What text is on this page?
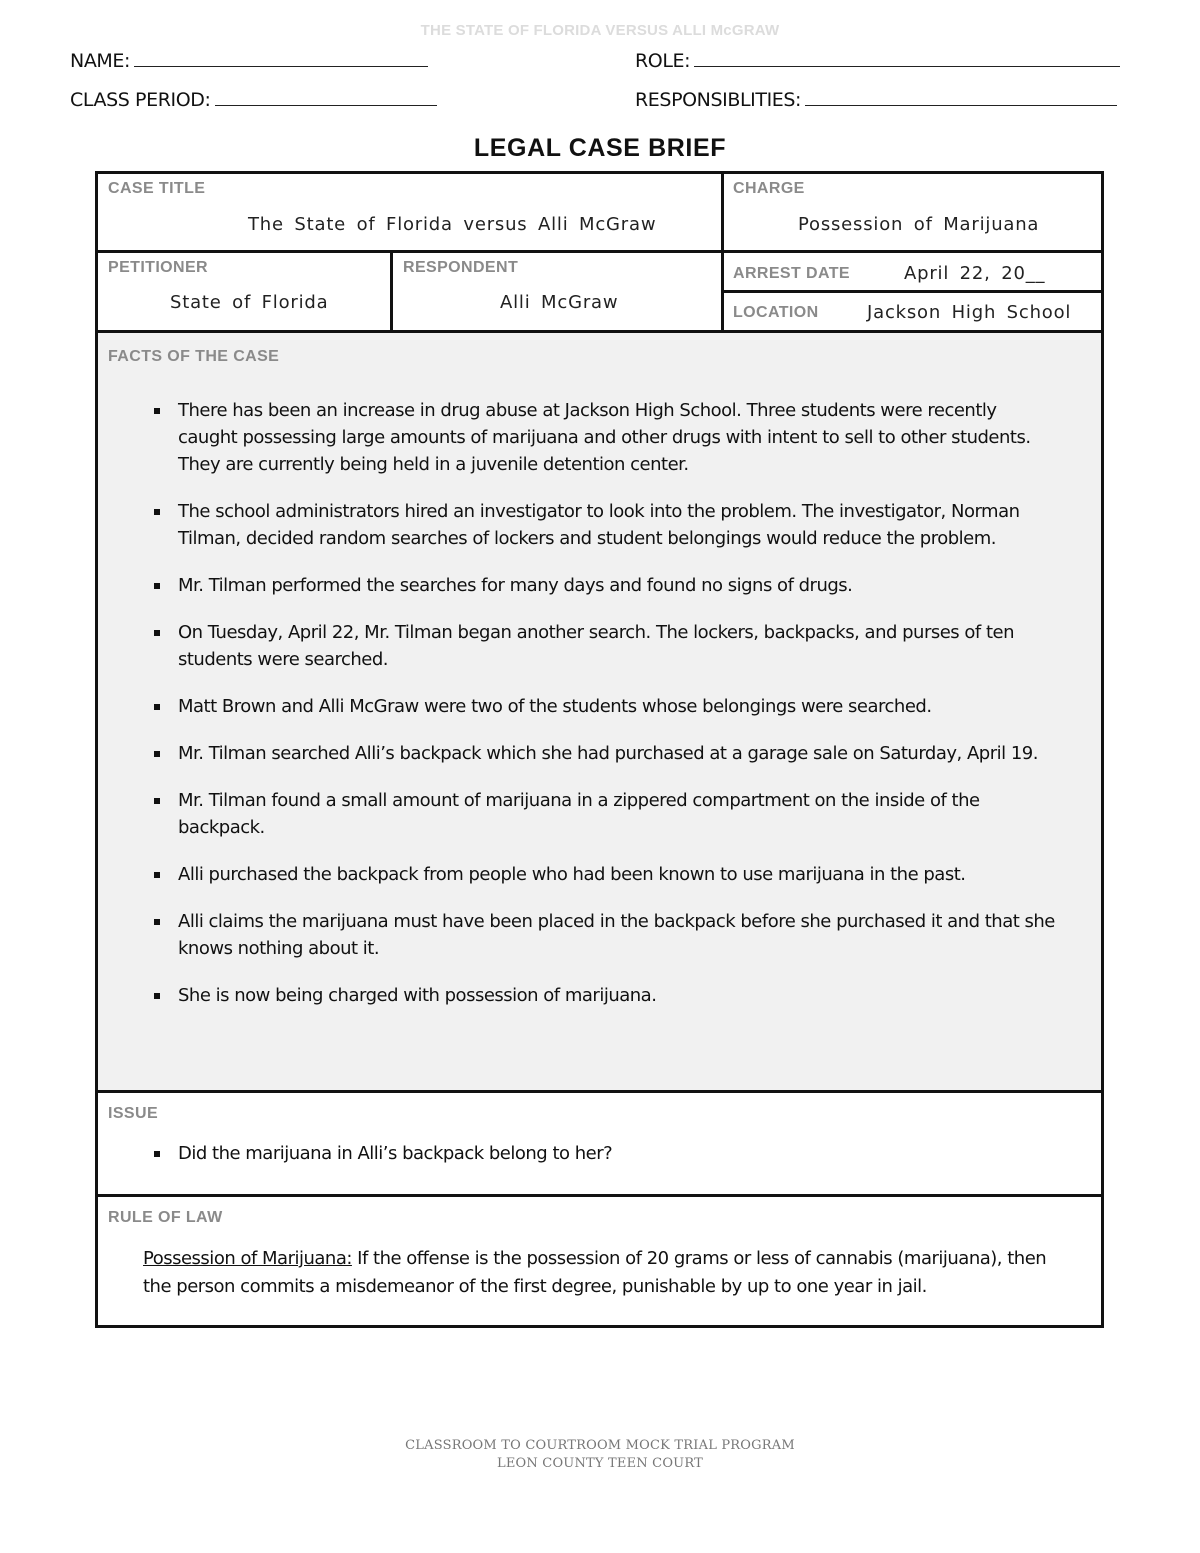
THE STATE OF FLORIDA VERSUS ALLI McGRAW
NAME:	ROLE:
CLASS PERIOD:	RESPONSIBLITIES:
LEGAL CASE BRIEF
CASE TITLE
The State of Florida versus Alli McGraw
CHARGE
Possession of Marijuana
PETITIONER
State of Florida
RESPONDENT
Alli McGraw
ARREST DATE	April 22, 20__
LOCATION	Jackson High School
FACTS OF THE CASE
There has been an increase in drug abuse at Jackson High School. Three students were recently caught possessing large amounts of marijuana and other drugs with intent to sell to other students. They are currently being held in a juvenile detention center.
The school administrators hired an investigator to look into the problem. The investigator, Norman Tilman, decided random searches of lockers and student belongings would reduce the problem.
Mr. Tilman performed the searches for many days and found no signs of drugs.
On Tuesday, April 22, Mr. Tilman began another search. The lockers, backpacks, and purses of ten students were searched.
Matt Brown and Alli McGraw were two of the students whose belongings were searched.
Mr. Tilman searched Alli’s backpack which she had purchased at a garage sale on Saturday, April 19.
Mr. Tilman found a small amount of marijuana in a zippered compartment on the inside of the backpack.
Alli purchased the backpack from people who had been known to use marijuana in the past.
Alli claims the marijuana must have been placed in the backpack before she purchased it and that she knows nothing about it.
She is now being charged with possession of marijuana.
ISSUE
Did the marijuana in Alli’s backpack belong to her?
RULE OF LAW
Possession of Marijuana: If the offense is the possession of 20 grams or less of cannabis (marijuana), then the person commits a misdemeanor of the first degree, punishable by up to one year in jail.
CLASSROOM TO COURTROOM MOCK TRIAL PROGRAM
LEON COUNTY TEEN COURT
